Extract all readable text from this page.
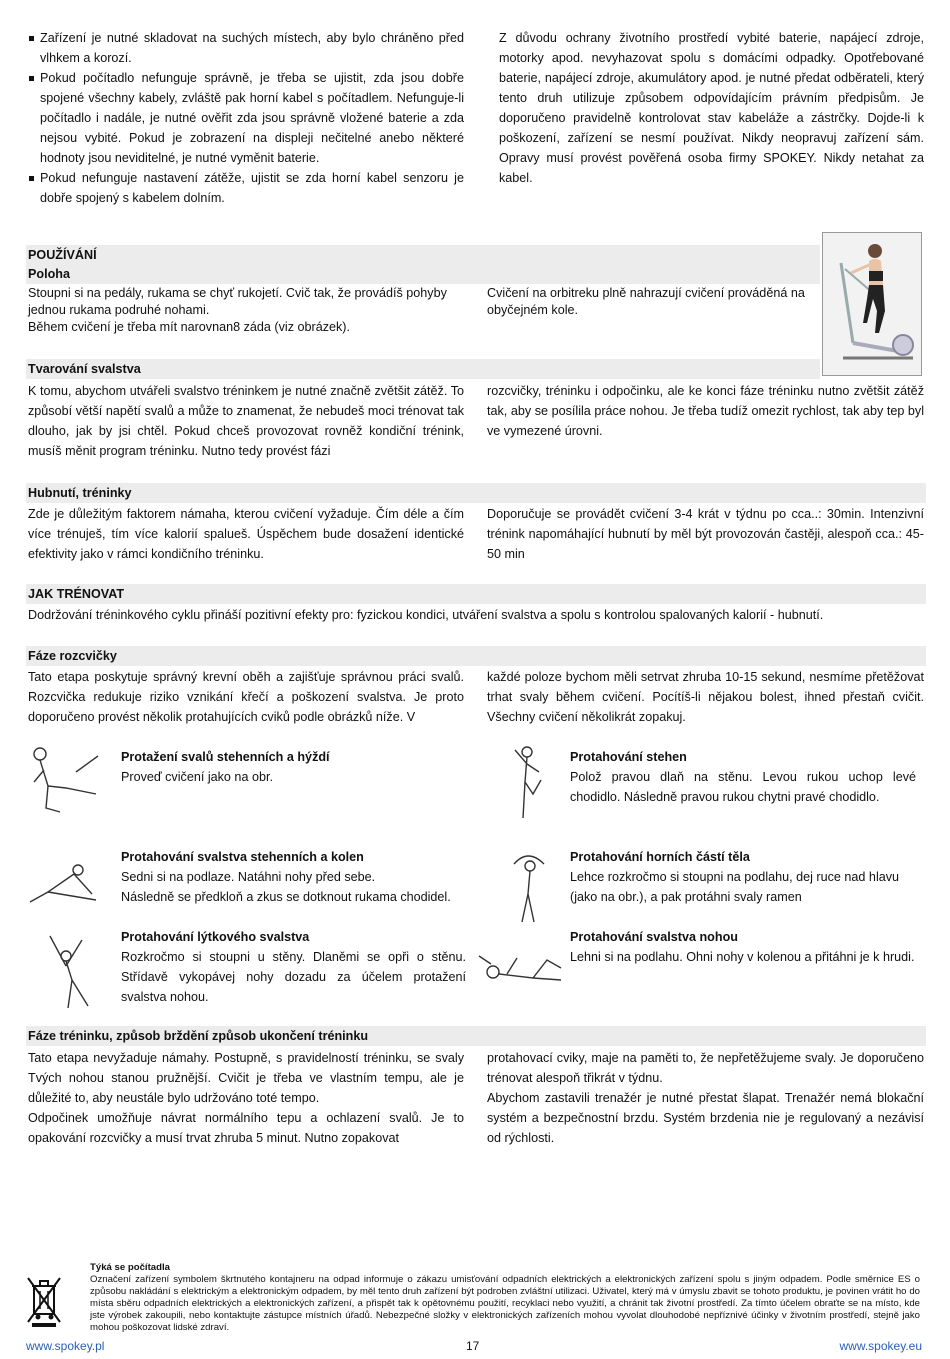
Zařízení je nutné skladovat na suchých místech, aby bylo chráněno před vlhkem a korozí.
Pokud počítadlo nefunguje správně, je třeba se ujistit, zda jsou dobře spojené všechny kabely, zvláště pak horní kabel s počítadlem. Nefunguje-li počítadlo i nadále, je nutné ověřit zda jsou správně vložené baterie a zda nejsou vybité. Pokud je zobrazení na displeji nečitelné anebo některé hodnoty jsou neviditelné, je nutné vyměnit baterie.
Pokud nefunguje nastavení zátěže, ujistit se zda horní kabel senzoru je dobře spojený s kabelem dolním.

Z důvodu ochrany životního prostředí vybité baterie, napájecí zdroje, motorky apod. nevyhazovat spolu s domácími odpadky. Opotřebované baterie, napájecí zdroje, akumulátory apod. je nutné předat odběrateli, který tento druh utilizuje způsobem odpovídajícím právním předpisům. Je doporučeno pravidelně kontrolovat stav kabeláže a zástrčky. Dojde-li k poškození, zařízení se nesmí používat. Nikdy neopravuj zařízení sám. Opravy musí provést pověřená osoba firmy SPOKEY. Nikdy netahat za kabel.

POUŽÍVÁNÍ
Poloha

Stoupni si na pedály, rukama se chyť rukojetí. Cvič tak, že provádíš pohyby jednou rukama podruhé nohami.

Během cvičení je třeba mít narovnan8 záda (viz obrázek).

Cvičení na orbitreku plně nahrazují cvičení prováděná na obyčejném kole.

Tvarování svalstva

K tomu, abychom utvářeli svalstvo tréninkem je nutné značně zvětšit zátěž. To způsobí větší napětí svalů a může to znamenat, že nebudeš moci trénovat tak dlouho, jak by jsi chtěl. Pokud chceš provozovat rovněž kondiční trénink, musíš měnit program tréninku. Nutno tedy provést fázi

rozcvičky, tréninku i odpočinku, ale ke konci fáze tréninku nutno zvětšit zátěž tak, aby se posílila práce nohou. Je třeba tudíž omezit rychlost, tak aby tep byl ve vymezené úrovni.

Hubnutí, tréninky

Zde je důležitým faktorem námaha, kterou cvičení vyžaduje. Čím déle a čím více trénuješ, tím více kalorií spalueš. Úspěchem bude dosažení identické efektivity jako v rámci kondičního tréninku.

Doporučuje se provádět cvičení 3-4 krát v týdnu po cca..: 30min. Intenzivní trénink napomáhající hubnutí by měl být provozován častěji, alespoň cca.: 45-50 min

JAK TRÉNOVAT

Dodržování tréninkového cyklu přináší pozitivní efekty pro: fyzickou kondici, utváření svalstva a spolu s kontrolou spalovaných kalorií - hubnutí.

Fáze rozcvičky

Tato etapa poskytuje správný krevní oběh a zajišťuje správnou práci svalů. Rozcvička redukuje riziko vznikání křečí a poškození svalstva. Je proto doporučeno provést několik protahujících cviků podle obrázků níže. V

každé poloze bychom měli setrvat zhruba 10-15 sekund, nesmíme přetěžovat trhat svaly během cvičení. Pocítíš-li nějakou bolest, ihned přestaň cvičit. Všechny cvičení několikrát zopakuj.

Protažení svalů stehenních a hýždí

Proveď cvičení jako na obr.

Protahování stehen

Polož pravou dlaň na stěnu. Levou rukou uchop levé chodidlo. Následně pravou rukou chytni pravé chodidlo.

Protahování svalstva stehenních a kolen

Sedni si na podlaze. Natáhni nohy před sebe.

Následně se předkloň a zkus se dotknout rukama chodidel.

Protahování horních částí těla

Lehce rozkročmo si stoupni na podlahu, dej ruce nad hlavu (jako na obr.), a pak protáhni svaly ramen

Protahování lýtkového svalstva

Rozkročmo si stoupni u stěny. Dlaněmi se opři o stěnu. Střídavě vykopávej nohy dozadu za účelem protažení svalstva nohou.

Protahování svalstva nohou

Lehni si na podlahu. Ohni nohy v kolenou a přitáhni je k hrudi.

Fáze tréninku, způsob brždění způsob ukončení tréninku

Tato etapa nevyžaduje námahy. Postupně, s pravidelností tréninku, se svaly Tvých nohou stanou pružnější. Cvičit je třeba ve vlastním tempu, ale je důležité to, aby neustále bylo udržováno toté tempo.

Odpočinek umožňuje návrat normálního tepu a ochlazení svalů. Je to opakování rozcvičky a musí trvat zhruba 5 minut. Nutno zopakovat

protahovací cviky, maje na paměti to, že nepřetěžujeme svaly. Je doporučeno trénovat alespoň třikrát v týdnu.

Abychom zastavili trenažér je nutné přestat šlapat. Trenažér nemá blokační systém a bezpečnostní brzdu. Systém brzdenia nie je regulovaný a nezávisí od rýchlosti.

Týká se počítadla

Označení zařízení symbolem škrtnutého kontajneru na odpad informuje o zákazu umisťování odpadních elektrických a elektronických zařízení spolu s jiným odpadem. Podle směrnice ES o způsobu nakládání s elektrickým a elektronickým odpadem, by měl tento druh zařízení být podroben zvláštní utilizaci. Uživatel, který má v úmyslu zbavit se tohoto produktu, je povinen vrátit ho do místa sběru odpadních elektrických a elektronických zařízení, a přispět tak k opětovnému použití, recyklaci nebo využití, a chránit tak životní prostředí. Za tímto účelem obraťte se na místo, kde jste výrobek zakoupili, nebo kontaktujte zástupce místních úřadů. Nebezpečné složky v elektronických zařízeních mohou vyvolat dlouhodobé nepříznivé účinky v životním prostředí, stejně jako mohou poškozovat lidské zdraví.

www.spokey.pl	17	www.spokey.eu
